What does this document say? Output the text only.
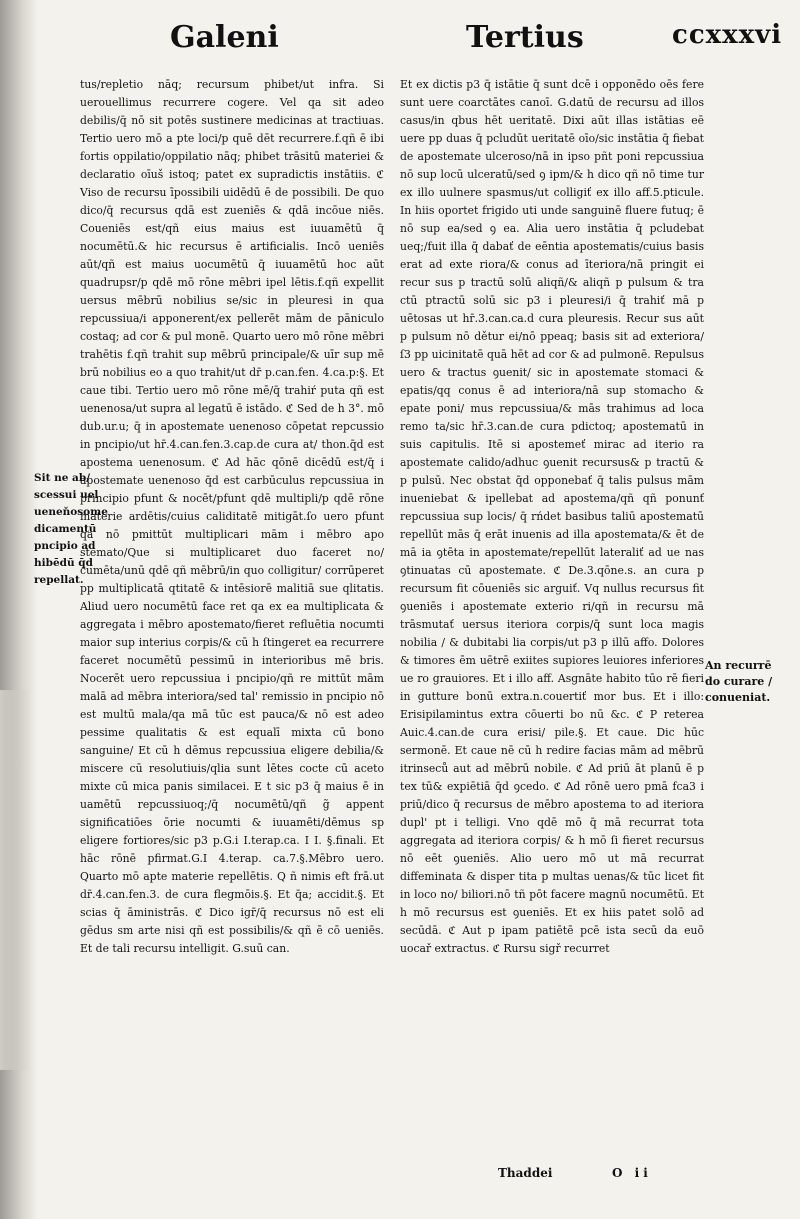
Galeni	Tertius	ccxxxvi
Sit ne ab/
scessui uel
ueneňosome
dicamentū
pncipio ad
hibēdū q̄d
repellat.
tus/repletio nāq; recursum phibet/ut infra. Si uerouellimus recurrere cogere. Vel qa sit adeo debilis/q̄ nō sit potēs sustinere medicinas at tractiuas. Tertio uero mō a pte loci/p quē dēt recurrere.f.qñ ē ibi fortis oppilatio/oppilatio nāq; phibet trāsitū materiei & declaratio oīuš istoq; patet ex supradictis instātiis. ℭ Viso de recursu īpossibili uidēdū ē de possibili. De quo dico/q̄ recursus qdā est zueniēs & qdā incōue niēs. Coueniēs est/qñ eius maius est iuuamētū q̄ nocumētū.& hic recursus ē artificialis. Incō ueniēs aūt/qñ est maius uocumētū q̄ iuuamētū hoc aūt quadrupsr/p qdē mō rōne mēbri ipel lētis.f.qñ expellit uersus mēbrū nobilius se/sic in pleuresi in qua repcussiua/i apponerent/ex pellerēt mām de pāniculo costaq; ad cor & pul monē. Quarto uero mō rōne mēbri trahētis f.qñ trahit sup mēbrū principale/& uīr sup mē brū nobilius eo a quo trahit/ut dr̄ p.can.fen. 4.ca.p:§. Et caue tibi. Tertio uero mō rōne mē/q̄ trahiŕ puta qñ est uenenosa/ut supra al legatū ē istādo. ℭ Sed de h 3°. mō dub.ur.u; q̄ in apostemate uenenoso cōpetat repcussio in pncipio/ut hr̄.4.can.fen.3.cap.de cura at/ thon.q̄d est apostema uenenosum. ℭ Ad hāc qōnē dicēdū est/q̄ i apostemate uenenoso q̄d est carbūculus repcussiua in principio pfunt & nocēt/pfunt qdē multipli/p qdē rōne materie ardētis/cuius caliditatē mitigāt.ſo uero pfunt qa nō pmittūt multiplicari mām i mēbro apo stemato/Que si multiplicaret duo faceret no/ cumēta/unū qdē qñ mēbrū/in quo colligitur/ corrūperet pp multiplicatā qtitatē & intēsiorē malitiā sue qlitatis. Aliud uero nocumētū face ret qa ex ea multiplicata & aggregata i mēbro apostemato/fieret refluētia nocumti maior sup interius corpis/& cū h ſtingeret ea recurrere faceret nocumētū pessimū in interioribus mē bris. Nocerēt uero repcussiua i pncipio/qñ re mittūt mām malā ad mēbra interiora/sed tal' remissio in pncipio nō est multū mala/qa mā tūc est pauca/& nō est adeo pessime qualitatis & est equalī mixta cū bono sanguine/ Et cū h dēmus repcussiua eligere debilia/& miscere cū resolutiuis/qlia sunt lētes cocte cū aceto mixte cū mica panis similacei. E t sic p3 q̄ maius ē in uamētū repcussiuoq;/q̄ nocumētū/qñ g̃ appent significatiōes ōrie nocumti & iuuamēti/dēmus sp eligere fortiores/sic p3 p.G.i I.terap.ca. I I. §.finali. Et hāc rōnē pfirmat.G.I 4.terap. ca.7.§.Mēbro uero. Quarto mō apte materie repellētis. Q ñ nimis eft frā.ut dr̄.4.can.fen.3. de cura flegmōis.§. Et q̄a; accidit.§. Et scias q̄ āministrās. ℭ Dico igr̄/q̄ recursus nō est eli gēdus sm arte nisi qñ est possibilis/& qñ ē cō ueniēs. Et de tali recursu intelligit. G.suū can.
Et ex dictis p3 q̄ istātie q̄ sunt dcē i opponēdo oēs fere sunt uere coarctātes canoī. G.datū de recursu ad illos casus/in qbus hēt ueritatē. Dixi aūt illas istātias eē uere pp duas q̄ pcludūt ueritatē oīo/sic instātia q̄ fiebat de apostemate ulceroso/nā in ipso pñt poni repcussiua nō sup locū ulceratū/sed ꝯ ipm/& h dico qñ nō time tur ex illo uulnere spasmus/ut colligiť ex illo aff.5.pticule. In hiis oportet frigido uti unde sanguinē fluere futuq; ē nō sup ea/sed ꝯ ea. Alia uero instātia q̄ pcludebat ueq;/fuit illa q̄ dabať de eēntia apostematis/cuius basis erat ad exte riora/& conus ad īteriora/nā pringit ei recur sus p tractū solū aliqñ/& aliqñ p pulsum & tra ctū ptractū solū sic p3 i pleuresi/i q̄ trahiť mā p uētosas ut hr̄.3.can.ca.d cura pleuresis. Recur sus aūt p pulsum nō dětur ei/nō ppeaq; basis sit ad exteriora/ſ3 pp uicinitatē quā hēt ad cor & ad pulmonē. Repulsus uero & tractus ꝯuenit/ sic in apostemate stomaci & epatis/qq conus ē ad interiora/nā sup stomacho & epate poni/ mus repcussiua/& mās trahimus ad loca remo ta/sic hr̄.3.can.de cura pdictoq; apostematū in suis capitulis. Itē si apostemeť mirac ad iterio ra apostemate calido/adhuc ꝯuenit recursus& p tractū & p pulsū. Nec obstat q̄d opponebať q̄ talis pulsus mām inueniebat & ipellebat ad apostema/qñ qñ ponunť repcussiua sup locis/ q̄ rńdet basibus taliū apostematū repellūt mās q̄ erāt inuenis ad illa apostemata/& ēt de mā ia ꝯtēta in apostemate/repellūt lateraliť ad ue nas ꝯtinuatas cū apostemate. ℭ De.3.qōne.s. an cura p recursum fit cōueniēs sic arguiť. Vq nullus recursus fit ꝯueniēs i apostemate exterio ri/qñ in recursu mā trāsmutať uersus iteriora corpis/q̄ sunt loca magis nobilia / & dubitabi lia corpis/ut p3 p illū affo. Dolores & timores ēm uētrē exiites supiores leuiores inferiores ue ro grauiores. Et i illo aff. Asgnāte habito tūo rē fieri in gutture bonū extra.n.couertiť mor bus. Et i illo: Erisipilamintus extra cōuerti bo nū &c. ℭ P reterea Auic.4.can.de cura erisi/ pile.§. Et caue. Dic hūc sermonē. Et caue nē cū h redire facias mām ad mēbrū itrinseců aut ad mēbrū nobile. ℭ Ad priū āt planū ē p tex tū& expiētiā q̄d ꝯcedo. ℭ Ad rōnē uero pmā fca3 i priū/dico q̄ recursus de mēbro apostema to ad iteriora dupl' pt i telligi. Vno qdē mō q̄ mā recurrat tota aggregata ad iteriora corpis/ & h mō ſi fieret recursus nō eēt ꝯueniēs. Alio uero mō ut mā recurrat diffeminata & disper tita p multas uenas/& tūc licet fit in loco no/ biliori.nō tñ pōt facere magnū nocumētū. Et h mō recursus est ꝯueniēs. Et ex hiis patet solō ad secūdā. ℭ Aut p ipam patiētē pcē ista secū da euō uocař extractus. ℭ Rursu sigř recurret
An recurrē
do curare /
conueniat.
Thaddei	O ii
